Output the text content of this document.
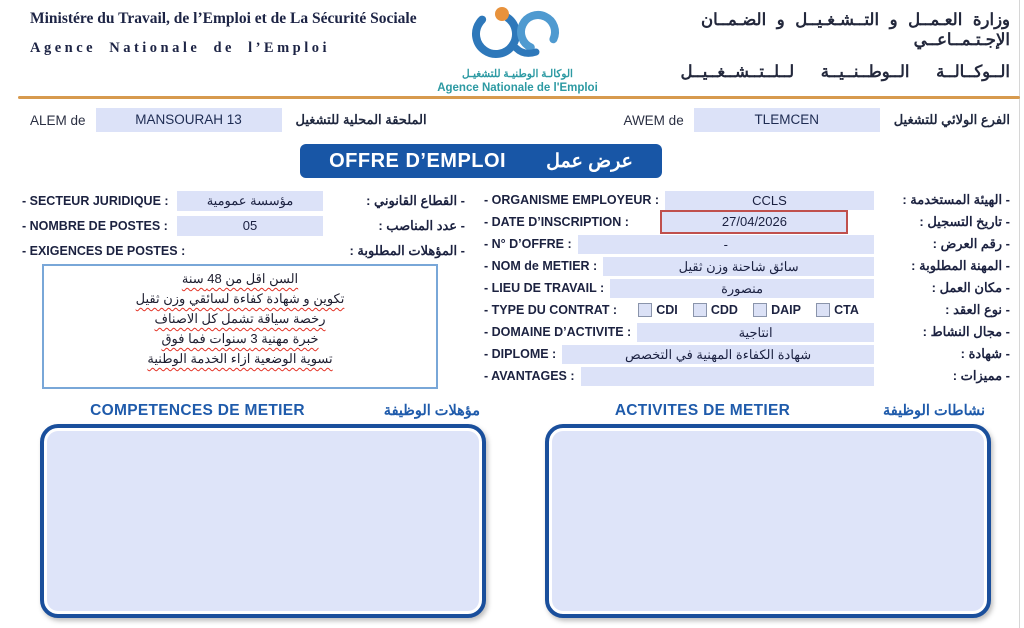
Ministére du Travail, de l’Emploi et de La Sécurité Sociale
Agence Nationale de l’Emploi
الوكالـة الوطنيـة للتشغيـل
Agence Nationale de l'Emploi
وزارة العـمــل و التــشـغـيــل و الضـمــان الإجـتـمــاعــي
الــوكــالــة الــوطــنــيــة لــلــتــشــغــيــل
ALEM de	MANSOURAH 13	الملحقة المحلية للتشغيل	AWEM de	TLEMCEN	الفرع الولائي للتشغيل
OFFRE D’EMPLOI عرض عمل
- SECTEUR JURIDIQUE :	مؤسسة عمومية	- القطاع القانوني :
- NOMBRE DE POSTES :	05	- عدد المناصب :
- EXIGENCES DE POSTES :	- المؤهلات المطلوبة :
السن اقل من 48 سنة
تكوين و شهادة كفاءة لسائقي وزن ثقيل
رخصة سياقة تشمل كل الاصناف
خبرة مهنية 3 سنوات فما فوق
تسوية الوضعية ازاء الخدمة الوطنية
- ORGANISME EMPLOYEUR :	CCLS	- الهيئة المستخدمة :
- DATE D’INSCRIPTION :	27/04/2026	- تاريخ التسجيل :
- N° D’OFFRE :	-	- رقم العرض :
- NOM de METIER :	سائق شاحنة وزن ثقيل	- المهنة المطلوبة :
- LIEU DE TRAVAIL :	منصورة	- مكان العمل :
- TYPE DU CONTRAT :	CDI	CDD	DAIP	CTA	- نوع العقد :
- DOMAINE D’ACTIVITE :	انتاجية	- مجال النشاط :
- DIPLOME :	شهادة الكفاءة المهنية في التخصص	- شهادة :
- AVANTAGES :	- مميزات :
COMPETENCES DE METIER	مؤهلات الوظيفة	ACTIVITES DE METIER	نشاطات الوظيفة
